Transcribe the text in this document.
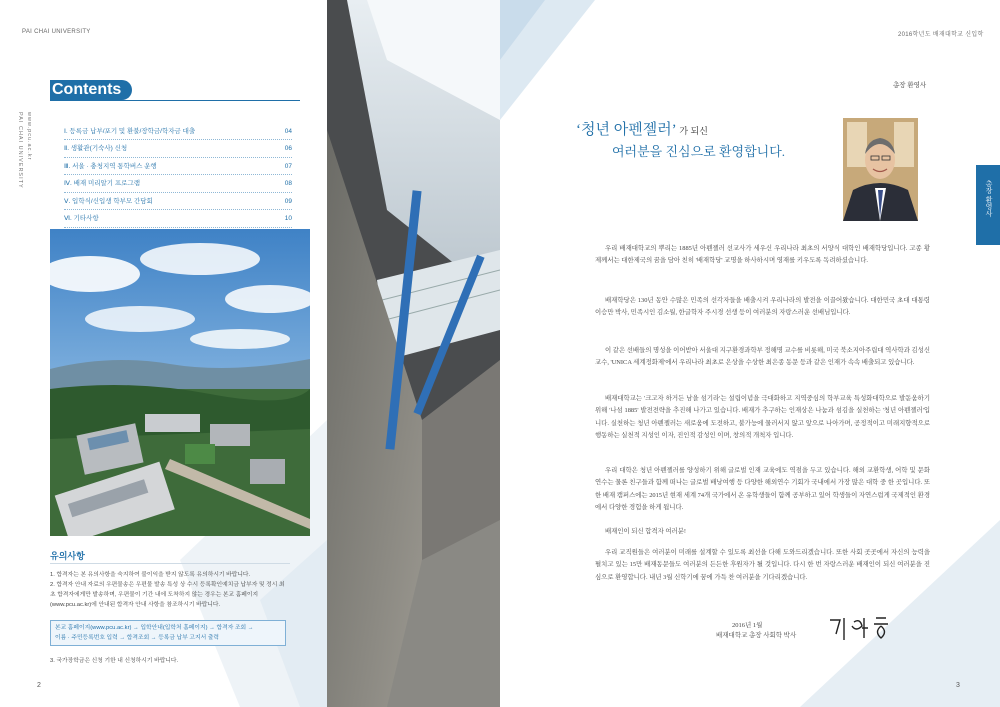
PAI CHAI UNIVERSITY
www.pcu.ac.kr
PAI CHAI UNIVERSITY
Contents
Ⅰ. 등록금 납부/포기 및 환불/장학금/학자금 대출	04
Ⅱ. 생활관(기숙사) 신청	06
Ⅲ. 서울 · 충청지역 통학버스 운행	07
Ⅳ. 배재 미리알기 프로그램	08
Ⅴ. 입학식/신입생 학부모 간담회	09
Ⅵ. 기타사항	10
유의사항
1. 합격자는 본 유의사항을 숙지하여 불이익을 받지 않도록 유의하시기 바랍니다.
2. 합격자 안내 자료의 우편물송은 우편물 발송 특성 상 수시 등록확인예치금 납부자 및 정시 최초 합격자에게만 발송하며, 우편물이 기간 내에 도착하지 않는 경우는 본교 홈페이지 (www.pcu.ac.kr)에 안내된 합격자 안내 사항을 참조하시기 바랍니다.
본교 홈페이지(www.pcu.ac.kr) → 입학안내(입학처 홈페이지) → 합격자 조회 →
이름 · 주민등록번호 입력 → 합격조회 → 등록금 납부 고지서 출력
3. 국가장학금은 신청 기한 내 신청하시기 바랍니다.
2
2016학년도 배재대학교 신입학
총장 환영사
‘청년 아펜젤러’ 가 되신
여러분을 진심으로 환영합니다.
총장 환영사
우리 배재대학교의 뿌리는 1885년 아펜젤러 선교사가 세우신 우리나라 최초의 서양식 대학인 배재학당입니다. 고종 황제께서는 대한제국의 꿈을 담아 친히 '배재학당' 교명을 하사하시며 영재를 키우도록 독려하셨습니다.
배재학당은 130년 동안 수많은 민족의 선각자들을 배출시켜 우리나라의 발전을 이끌어왔습니다. 대한민국 초대 대통령 이승만 박사, 민족시인 김소월, 한글학자 주시경 선생 등이 여러분의 자랑스러운 선배님입니다.
이 같은 선배들의 명성을 이어받아 서울대 지구환경과학부 정해명 교수를 비롯해, 미국 북소지아주립대 역사학과 김성신 교수, 'UNICA 세계정화제'에서 우리나라 최초로 은상을 수상한 최은종 동문 등과 같은 인재가 속속 배출되고 있습니다.
배재대학교는 '크고자 하거든 남을 섬기라'는 설립이념을 극대화하고 지역중심의 학부교육 특성화대학으로 발돋움하기 위해 '나섬 1885' 발전전략을 추진해 나가고 있습니다. 배재가 추구하는 인재상은 나눔과 섬김을 실천하는 '청년 아펜젤러'입니다. 실천하는 청년 아펜젤러는 새로움에 도전하고, 불가능에 물러서지 않고 앞으로 나아가며, 공정적이고 미래지향적으로 행동하는 실천적 지성인 이자, 진인적 감성인 이며, 창의적 개척자 입니다.
우리 대학은 청년 아펜젤러를 양성하기 위해 글로벌 인재 교육에도 역점을 두고 있습니다. 해외 교환학생, 어학 및 문화연수는 물론 친구들과 함께 떠나는 글로벌 배낭여행 등 다양한 해외연수 기회가 국내에서 가장 많은 대학 중 한 곳입니다. 또한 배재 캠퍼스에는 2015년 현재 세계 74개 국가에서 온 유학생들이 함께 공부하고 있어 학생들이 자연스럽게 국제적인 환경에서 다양한 경험을 하게 됩니다.
배재인이 되신 합격자 여러분!
우리 교직원들은 여러분이 미래를 설계할 수 있도록 최선을 다해 도와드리겠습니다. 또한 사회 곳곳에서 자신의 능력을 펼치고 있는 15만 배재동문들도 여러분의 든든한 후원자가 될 것입니다. 다시 한 번 자랑스러운 배재인이 되신 여러분을 진심으로 환영합니다. 내년 3월 신학기에 꿈에 가득 찬 여러분을 기다리겠습니다.
2016년 1월
배재대학교 총장 사회학 박사
3
